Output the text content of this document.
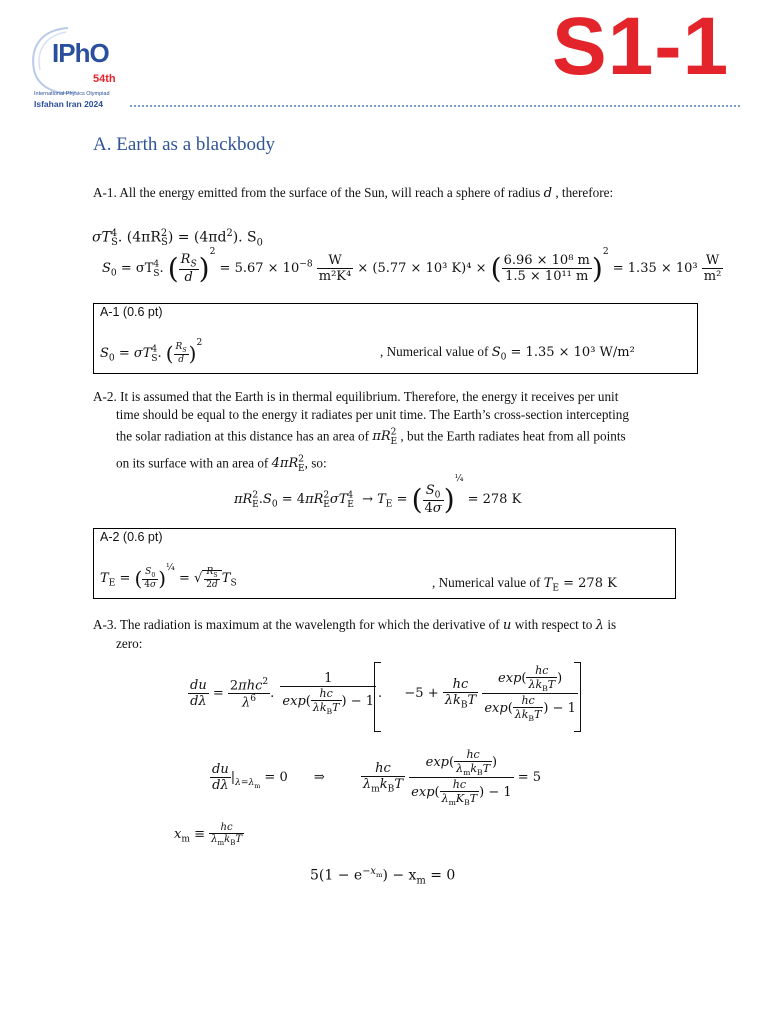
IPhO
54th
International Physics Olympiad
Isfahan Iran 2024
S1-1
A. Earth as a blackbody
A-1. All the energy emitted from the surface of the Sun, will reach a sphere of radius d , therefore:
$\sigma T^4_S$. $(4\pi R^2_S) = (4\pi d^2)$. $S_0$
$S_0 = \sigma T^4_S$. ( $\frac{R_S}{d} )^2 = 5.67 \times 10^{-8} \frac{W}{\text{m²K⁴}} \times (5.77 \times 10^3$ K)⁴ × ( $\frac{\text{6.96 × 10⁸ m}}{\text{1.5 × 10¹¹ m}} )^2 = 1.35 \times 10^3 \frac{W}{\text{m²}}$
A-1 (0.6 pt)
$S_0 = \sigma T^4_S$. ( $\frac{R_S}{d} )^2$
, Numerical value of $S_0 = 1.35 \times 10^3$ W/m²
A-2. It is assumed that the Earth is in thermal equilibrium. Therefore, the energy it receives per unit
time should be equal to the energy it radiates per unit time. The Earth’s cross-section intercepting
the solar radiation at this distance has an area of $\pi R^2_E$ , but the Earth radiates heat from all points
on its surface with an area of $4\pi R^2_E$, so:
$\pi R^2_E.S_0 = 4\pi R^2_E\sigma T^4_E \to T_E$ = ( $\frac{S_0}{4\sigma} )^{\frac{1}{4}} = 278$ K
A-2 (0.6 pt)
$T_E$ = ( $\frac{S_0}{4\sigma} )^{\frac{1}{4}}$ = √ $\frac{R_S}{2d} T_S$	, Numerical value of $T_E = 278$ K
A-3. The radiation is maximum at the wavelength for which the derivative of u with respect to λ is
zero:
$\frac{du}{d\lambda} = \frac{2\pi hc^2}{\lambda^6}$ . $\frac{1}{\exp( \frac{hc}{\lambda k_BT} ) - 1}$ .  $-5 + \frac{hc}{\lambda k_BT}$
$\frac{\exp( \frac{hc}{\lambda k_BT} )}{\exp( \frac{hc}{\lambda k_BT} ) - 1}$
$\frac{du}{d\lambda} |_{\lambda=\lambda_m} = 0$ ⇒	$\frac{hc}{\lambda_mk_BT}$
$\frac{\exp( \frac{hc}{\lambda_mk_BT} )}{\exp( \frac{hc}{\lambda_mK_BT} ) - 1} = 5$
$x_m \equiv \frac{hc}{\lambda_mk_BT}$
$5(1 - e^{-x_m}) - x_m = 0$
